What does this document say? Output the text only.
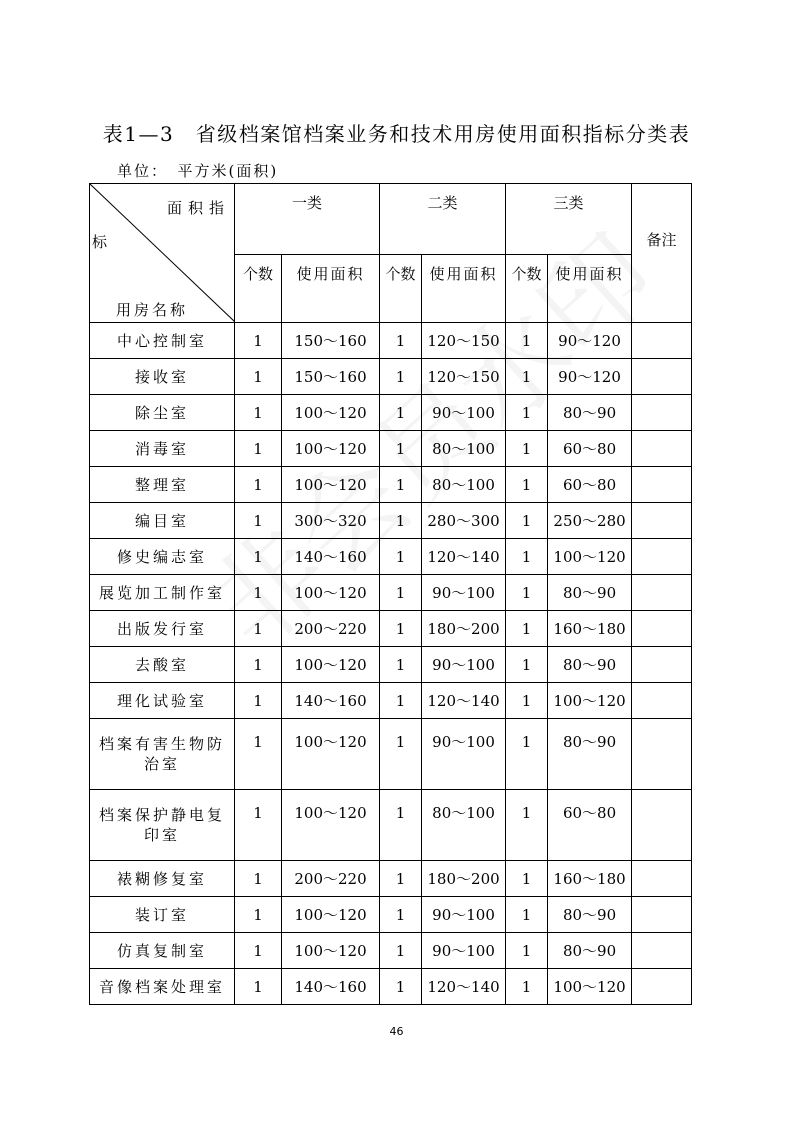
表1—3　省级档案馆档案业务和技术用房使用面积指标分类表
单位：　平方米(面积)
面积指
标
用房名称	一类		二类		三类		备注
	个数	使用面积	个数	使用面积	个数	使用面积	
中心控制室	1	150～160	1	120～150	1	90～120	
接收室	1	150～160	1	120～150	1	90～120	
除尘室	1	100～120	1	90～100	1	80～90	
消毒室	1	100～120	1	80～100	1	60～80	
整理室	1	100～120	1	80～100	1	60～80	
编目室	1	300～320	1	280～300	1	250～280	
修史编志室	1	140～160	1	120～140	1	100～120	
展览加工制作室	1	100～120	1	90～100	1	80～90	
出版发行室	1	200～220	1	180～200	1	160～180	
去酸室	1	100～120	1	90～100	1	80～90	
理化试验室	1	140～160	1	120～140	1	100～120	
档案有害生物防治室	1	100～120	1	90～100	1	80～90	
档案保护静电复印室	1	100～120	1	80～100	1	60～80	
裱糊修复室	1	200～220	1	180～200	1	160～180	
装订室	1	100～120	1	90～100	1	80～90	
仿真复制室	1	100～120	1	90～100	1	80～90	
音像档案处理室	1	140～160	1	120～140	1	100～120	
46
